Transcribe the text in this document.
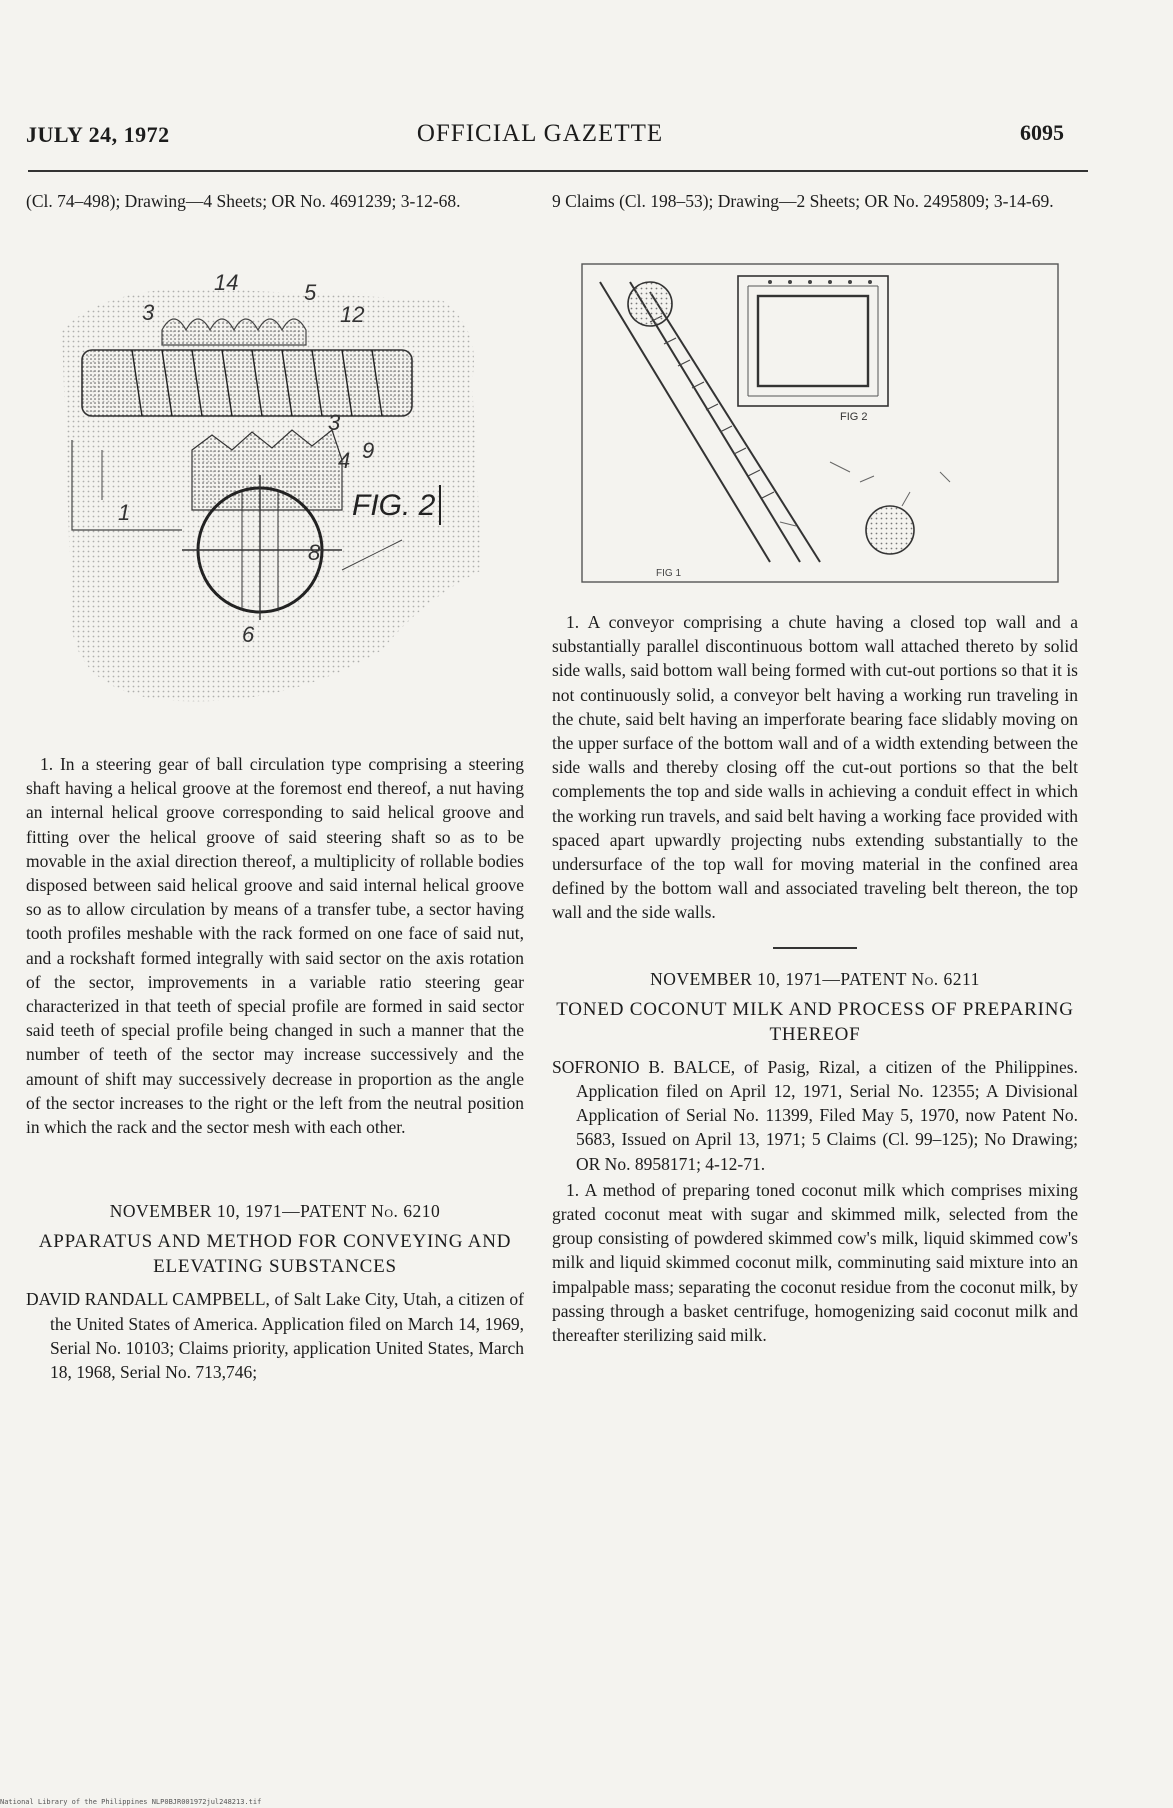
JULY 24, 1972	OFFICIAL GAZETTE	6095

(Cl. 74–498); Drawing—4 Sheets; OR No. 4691239; 3-12-68.

FIG. 2
14	5
12
3
3
4 9
8
1
6

1. In a steering gear of ball circulation type comprising a steering shaft having a helical groove at the foremost end thereof, a nut having an internal helical groove corresponding to said helical groove and fitting over the helical groove of said steering shaft so as to be movable in the axial direction thereof, a multiplicity of rollable bodies disposed between said helical groove and said internal helical groove so as to allow circulation by means of a transfer tube, a sector having tooth profiles meshable with the rack formed on one face of said nut, and a rockshaft formed integrally with said sector on the axis rotation of the sector, improvements in a variable ratio steering gear characterized in that teeth of special profile are formed in said sector said teeth of special profile being changed in such a manner that the number of teeth of the sector may increase successively and the amount of shift may successively decrease in proportion as the angle of the sector increases to the right or the left from the neutral position in which the rack and the sector mesh with each other.

NOVEMBER 10, 1971—PATENT No. 6210

APPARATUS AND METHOD FOR CONVEYING AND ELEVATING SUBSTANCES

DAVID RANDALL CAMPBELL, of Salt Lake City, Utah, a citizen of the United States of America. Application filed on March 14, 1969, Serial No. 10103; Claims priority, application United States, March 18, 1968, Serial No. 713,746;

9 Claims (Cl. 198–53); Drawing—2 Sheets; OR No. 2495809; 3-14-69.

FIG 2
FIG 1

1. A conveyor comprising a chute having a closed top wall and a substantially parallel discontinuous bottom wall attached thereto by solid side walls, said bottom wall being formed with cut-out portions so that it is not continuously solid, a conveyor belt having a working run traveling in the chute, said belt having an imperforate bearing face slidably moving on the upper surface of the bottom wall and of a width extending between the side walls and thereby closing off the cut-out portions so that the belt complements the top and side walls in achieving a conduit effect in which the working run travels, and said belt having a working face provided with spaced apart upwardly projecting nubs extending substantially to the undersurface of the top wall for moving material in the confined area defined by the bottom wall and associated traveling belt thereon, the top wall and the side walls.

NOVEMBER 10, 1971—PATENT No. 6211

TONED COCONUT MILK AND PROCESS OF PREPARING THEREOF

SOFRONIO B. BALCE, of Pasig, Rizal, a citizen of the Philippines. Application filed on April 12, 1971, Serial No. 12355; A Divisional Application of Serial No. 11399, Filed May 5, 1970, now Patent No. 5683, Issued on April 13, 1971; 5 Claims (Cl. 99–125); No Drawing; OR No. 8958171; 4-12-71.

1. A method of preparing toned coconut milk which comprises mixing grated coconut meat with sugar and skimmed milk, selected from the group consisting of powdered skimmed cow's milk, liquid skimmed cow's milk and liquid skimmed coconut milk, comminuting said mixture into an impalpable mass; separating the coconut residue from the coconut milk, by passing through a basket centrifuge, homogenizing said coconut milk and thereafter sterilizing said milk.

National Library of the Philippines NLP0BJR001972jul248213.tif
